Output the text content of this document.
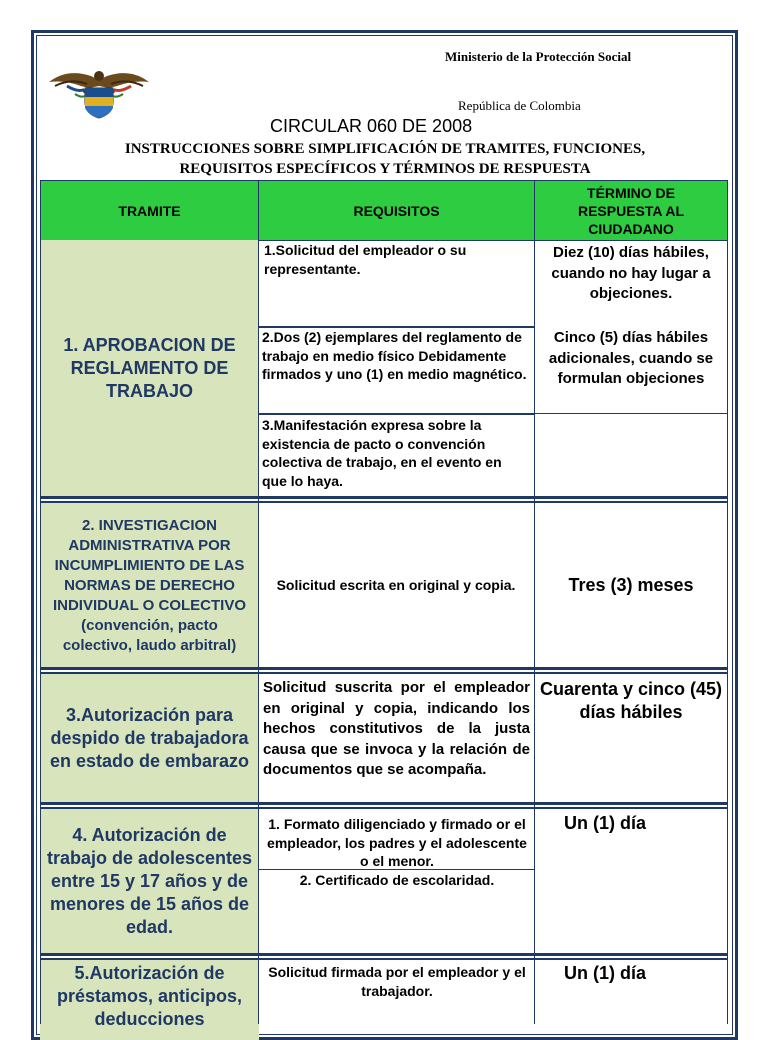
Ministerio de la Protección Social
República de Colombia
CIRCULAR 060 DE 2008
INSTRUCCIONES SOBRE SIMPLIFICACIÓN DE TRAMITES, FUNCIONES,
REQUISITOS ESPECÍFICOS Y TÉRMINOS DE RESPUESTA
TRAMITE	REQUISITOS
TÉRMINO DE RESPUESTA AL CIUDADANO
1. APROBACION DE REGLAMENTO DE TRABAJO
1.Solicitud del empleador o su representante.
2.Dos (2) ejemplares del reglamento de trabajo en medio físico Debidamente firmados y uno (1) en medio magnético.
3.Manifestación expresa sobre la existencia de pacto o convención colectiva de trabajo, en el evento en que lo haya.
Diez (10) días hábiles, cuando no hay lugar a objeciones.
Cinco (5) días hábiles adicionales, cuando se formulan objeciones
2. INVESTIGACION ADMINISTRATIVA POR INCUMPLIMIENTO DE LAS NORMAS DE DERECHO INDIVIDUAL O COLECTIVO
(convención, pacto colectivo, laudo arbitral)
Solicitud escrita en original y copia.	Tres (3) meses
3.Autorización para despido de trabajadora en estado de embarazo
Solicitud suscrita por el empleador en original y copia, indicando los hechos constitutivos de la justa causa que se invoca y la relación de documentos que se acompaña.
Cuarenta y cinco (45) días hábiles
4. Autorización de trabajo de adolescentes entre 15 y 17 años y de menores de 15 años de edad.
1. Formato diligenciado y firmado or el empleador, los padres y el adolescente o el menor.
2. Certificado de escolaridad.
Un (1) día
5.Autorización de préstamos, anticipos, deducciones
Solicitud firmada por el empleador y el trabajador.
Un (1) día
